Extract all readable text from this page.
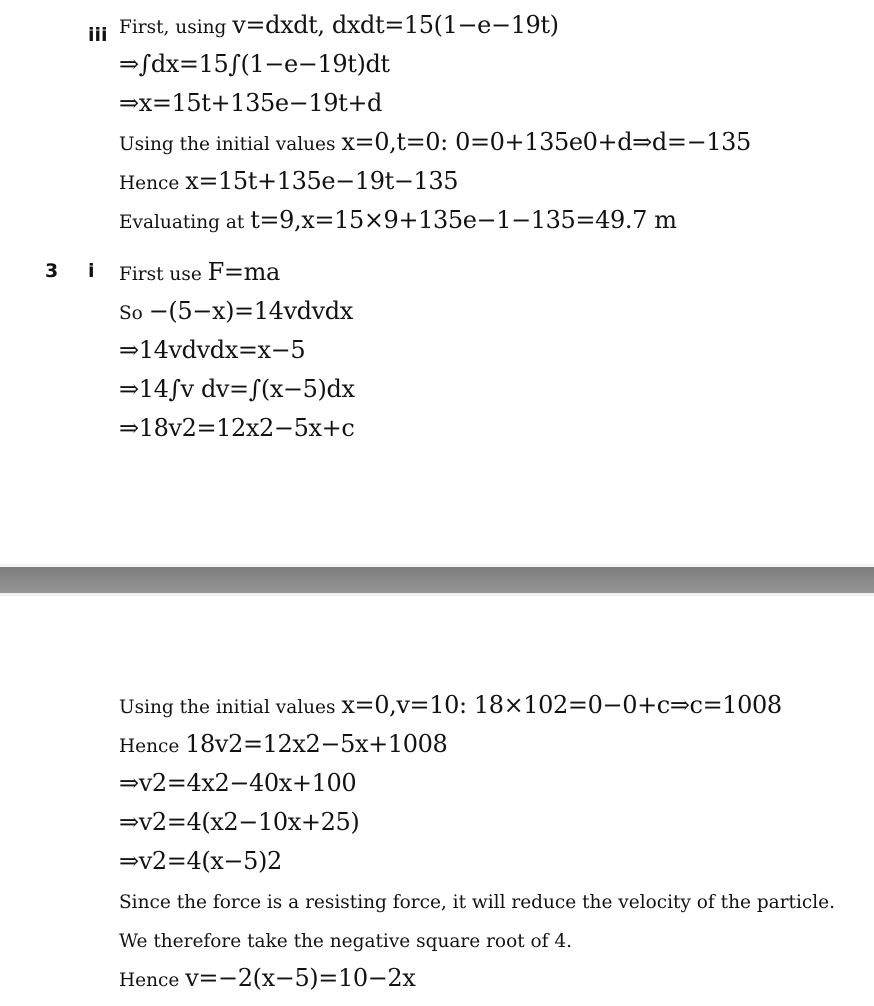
iii First, using v=dxdt, dxdt=15(1−e−19t)
⇒∫dx=15∫(1−e−19t)dt
⇒x=15t+135e−19t+d
Using the initial values x=0,t=0: 0=0+135e0+d⇒d=−135
Hence x=15t+135e−19t−135
Evaluating at t=9,x=15×9+135e−1−135=49.7 m
3 i First use F=ma
So −(5−x)=14vdvdx
⇒14vdvdx=x−5
⇒14∫v dv=∫(x−5)dx
⇒18v2=12x2−5x+c
Using the initial values x=0,v=10: 18×102=0−0+c⇒c=1008
Hence 18v2=12x2−5x+1008
⇒v2=4x2−40x+100
⇒v2=4(x2−10x+25)
⇒v2=4(x−5)2
Since the force is a resisting force, it will reduce the velocity of the particle.
We therefore take the negative square root of 4.
Hence v=−2(x−5)=10−2x
